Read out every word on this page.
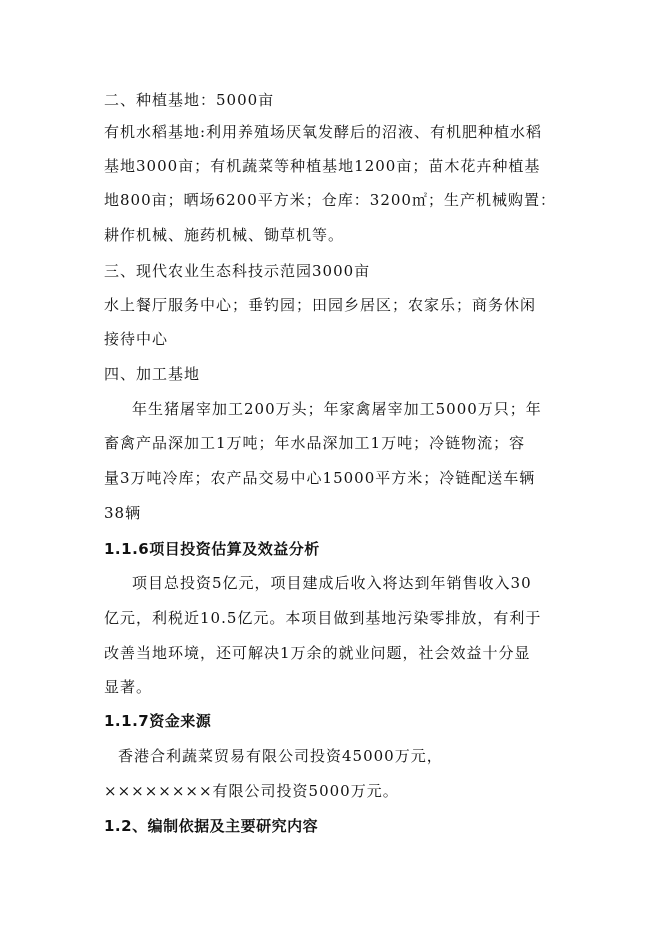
二、种植基地：5000亩
有机水稻基地:利用养殖场厌氧发酵后的沼液、有机肥种植水稻
基地3000亩；有机蔬菜等种植基地1200亩；苗木花卉种植基
地800亩；晒场6200平方米；仓库：3200㎡；生产机械购置：
耕作机械、施药机械、锄草机等。
三、现代农业生态科技示范园3000亩
水上餐厅服务中心；垂钓园；田园乡居区；农家乐；商务休闲
接待中心
四、加工基地
年生猪屠宰加工200万头；年家禽屠宰加工5000万只；年
畜禽产品深加工1万吨；年水品深加工1万吨；冷链物流；容
量3万吨冷库；农产品交易中心15000平方米；冷链配送车辆
38辆
1.1.6项目投资估算及效益分析
项目总投资5亿元，项目建成后收入将达到年销售收入30
亿元，利税近10.5亿元。本项目做到基地污染零排放，有利于
改善当地环境，还可解决1万余的就业问题，社会效益十分显
显著。
1.1.7资金来源
香港合利蔬菜贸易有限公司投资45000万元，
××××××××有限公司投资5000万元。
1.2、编制依据及主要研究内容
